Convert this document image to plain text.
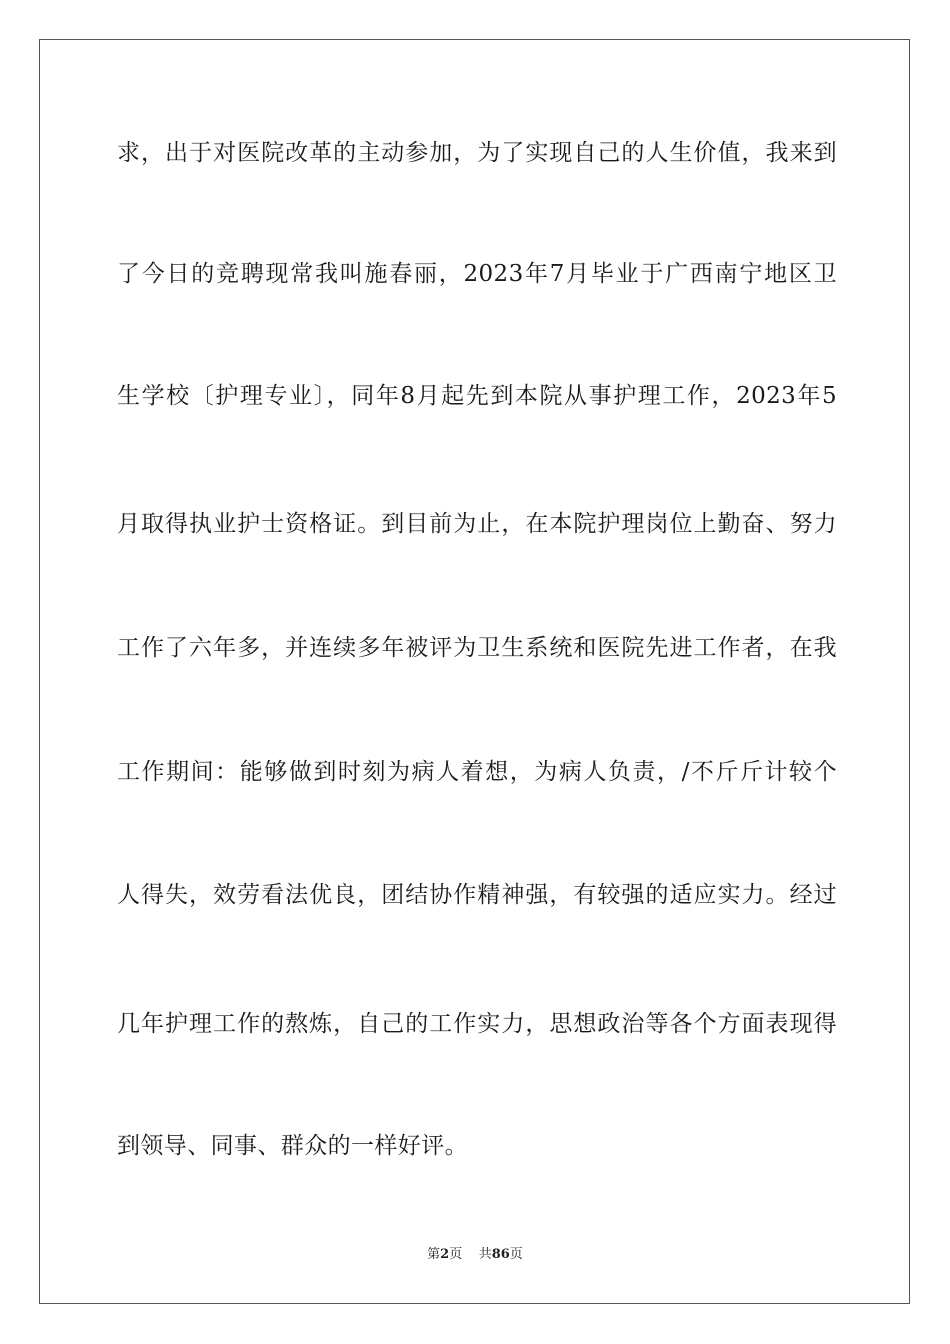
求，出于对医院改革的主动参加，为了实现自己的人生价值，我来到
了今日的竞聘现常我叫施春丽，2023年7月毕业于广西南宁地区卫
生学校〔护理专业〕，同年8月起先到本院从事护理工作，2023年5
月取得执业护士资格证。到目前为止，在本院护理岗位上勤奋、努力
工作了六年多，并连续多年被评为卫生系统和医院先进工作者，在我
工作期间：能够做到时刻为病人着想，为病人负责，/不斤斤计较个
人得失，效劳看法优良，团结协作精神强，有较强的适应实力。经过
几年护理工作的熬炼，自己的工作实力，思想政治等各个方面表现得
到领导、同事、群众的一样好评。
第2页 共86页
